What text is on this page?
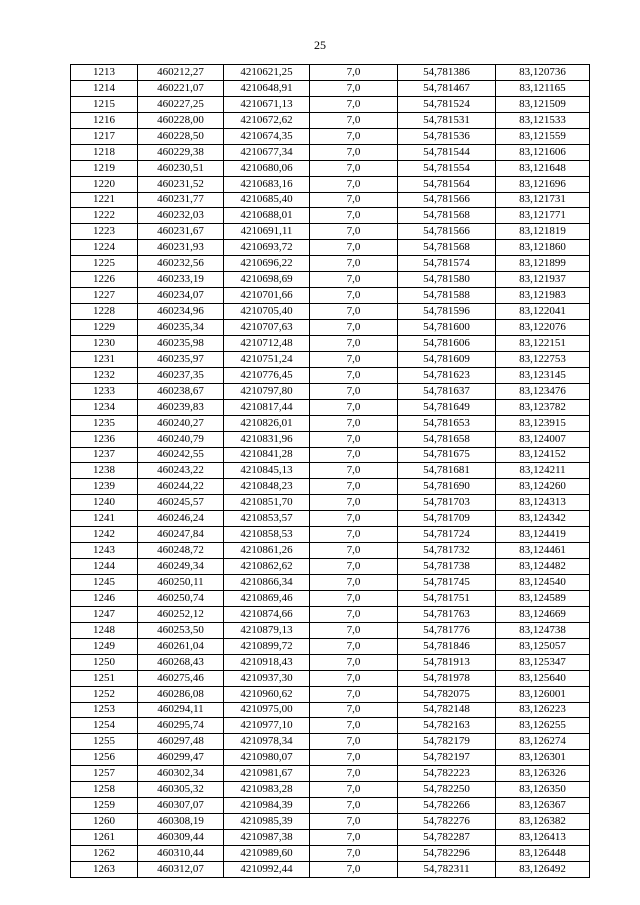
25
1213	460212,27	4210621,25	7,0	54,781386	83,120736
1214	460221,07	4210648,91	7,0	54,781467	83,121165
1215	460227,25	4210671,13	7,0	54,781524	83,121509
1216	460228,00	4210672,62	7,0	54,781531	83,121533
1217	460228,50	4210674,35	7,0	54,781536	83,121559
1218	460229,38	4210677,34	7,0	54,781544	83,121606
1219	460230,51	4210680,06	7,0	54,781554	83,121648
1220	460231,52	4210683,16	7,0	54,781564	83,121696
1221	460231,77	4210685,40	7,0	54,781566	83,121731
1222	460232,03	4210688,01	7,0	54,781568	83,121771
1223	460231,67	4210691,11	7,0	54,781566	83,121819
1224	460231,93	4210693,72	7,0	54,781568	83,121860
1225	460232,56	4210696,22	7,0	54,781574	83,121899
1226	460233,19	4210698,69	7,0	54,781580	83,121937
1227	460234,07	4210701,66	7,0	54,781588	83,121983
1228	460234,96	4210705,40	7,0	54,781596	83,122041
1229	460235,34	4210707,63	7,0	54,781600	83,122076
1230	460235,98	4210712,48	7,0	54,781606	83,122151
1231	460235,97	4210751,24	7,0	54,781609	83,122753
1232	460237,35	4210776,45	7,0	54,781623	83,123145
1233	460238,67	4210797,80	7,0	54,781637	83,123476
1234	460239,83	4210817,44	7,0	54,781649	83,123782
1235	460240,27	4210826,01	7,0	54,781653	83,123915
1236	460240,79	4210831,96	7,0	54,781658	83,124007
1237	460242,55	4210841,28	7,0	54,781675	83,124152
1238	460243,22	4210845,13	7,0	54,781681	83,124211
1239	460244,22	4210848,23	7,0	54,781690	83,124260
1240	460245,57	4210851,70	7,0	54,781703	83,124313
1241	460246,24	4210853,57	7,0	54,781709	83,124342
1242	460247,84	4210858,53	7,0	54,781724	83,124419
1243	460248,72	4210861,26	7,0	54,781732	83,124461
1244	460249,34	4210862,62	7,0	54,781738	83,124482
1245	460250,11	4210866,34	7,0	54,781745	83,124540
1246	460250,74	4210869,46	7,0	54,781751	83,124589
1247	460252,12	4210874,66	7,0	54,781763	83,124669
1248	460253,50	4210879,13	7,0	54,781776	83,124738
1249	460261,04	4210899,72	7,0	54,781846	83,125057
1250	460268,43	4210918,43	7,0	54,781913	83,125347
1251	460275,46	4210937,30	7,0	54,781978	83,125640
1252	460286,08	4210960,62	7,0	54,782075	83,126001
1253	460294,11	4210975,00	7,0	54,782148	83,126223
1254	460295,74	4210977,10	7,0	54,782163	83,126255
1255	460297,48	4210978,34	7,0	54,782179	83,126274
1256	460299,47	4210980,07	7,0	54,782197	83,126301
1257	460302,34	4210981,67	7,0	54,782223	83,126326
1258	460305,32	4210983,28	7,0	54,782250	83,126350
1259	460307,07	4210984,39	7,0	54,782266	83,126367
1260	460308,19	4210985,39	7,0	54,782276	83,126382
1261	460309,44	4210987,38	7,0	54,782287	83,126413
1262	460310,44	4210989,60	7,0	54,782296	83,126448
1263	460312,07	4210992,44	7,0	54,782311	83,126492
